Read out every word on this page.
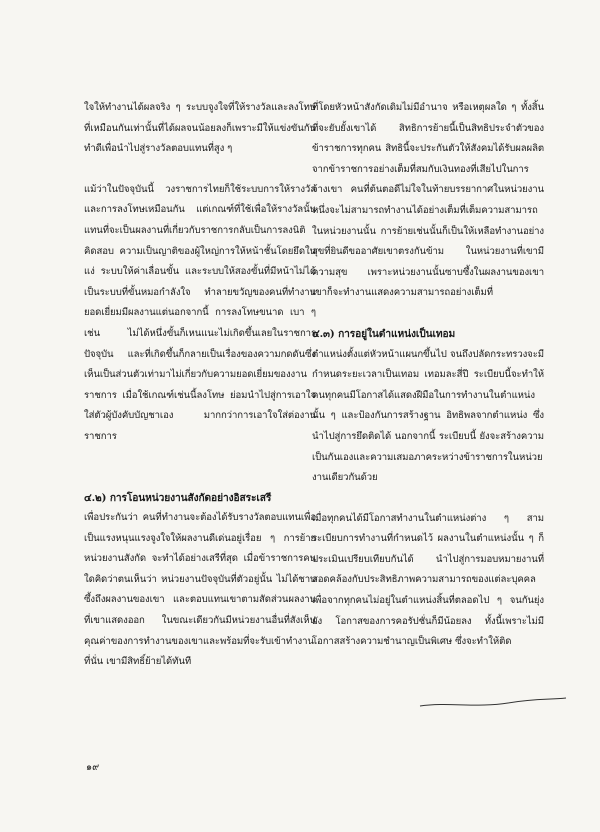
ใจให้ทำงานได้ผลจริง ๆ ระบบจูงใจที่ให้รางวัลและลงโทษที่เหมือนกันเท่านั้นที่ได้ผลจนน้อยลงก็เพราะมีให้แข่งขันกันทำดีเพื่อนำไปสู่รางวัลตอบแทนที่สูง ๆ

แม้ว่าในปัจจุบันนี้ วงราชการไทยก็ใช้ระบบการให้รางวัลและการลงโทษเหมือนกัน แต่เกณฑ์ที่ใช้เพื่อให้รางวัลนั้น แทนที่จะเป็นผลงานที่เกี่ยวกับราชการกลับเป็นการลงนิติคิดสอบ ความเป็นญาติของผู้ใหญ่การให้หน้าชั้นโดยยึดในแง่ ระบบให้ค่าเลื่อนขั้น และระบบให้สองขั้นที่มีหน้าไม่ได้ เป็นระบบที่ขั้นหมอกำลังใจ ทำลายขวัญของคนที่ทำงานยอดเยี่ยมมีผลงานแต่นอกจากนี้ การลงโทษขนาด เบา ๆ เช่น ไม่ได้หนึ่งขั้นก็เหนแนะไม่เกิดขึ้นเลยในราชการปัจจุบัน และที่เกิดขึ้นก็กลายเป็นเรื่องของความกดดันซึ่งเห็นเป็นส่วนตัวเท่ามาไม่เกี่ยวกับความยอดเยี่ยมของงานราชการ เมื่อใช้เกณฑ์เช่นนี้ลงโทษ ย่อมนำไปสู่การเอาใจใส่ตัวผู้บังคับบัญชาเอง มากกว่าการเอาใจใส่ต่องานราชการ

๔.๒) การโอนหน่วยงานสังกัดอย่างอิสระเสรี

เพื่อประกันว่า คนที่ทำงานจะต้องได้รับรางวัลตอบแทนเพื่อเป็นแรงหนุนแรงจูงใจให้ผลงานดีเด่นอยู่เรื่อย ๆ การย้ายหน่วยงานสังกัด จะทำได้อย่างเสรีที่สุด เมื่อข้าราชการคนใดคิดว่าตนเห็นว่า หน่วยงานปัจจุบันที่ตัวอยู่นั้น ไม่ได้ชาบซึ้งถึงผลงานของเขา และตอบแทนเขาตามสัดส่วนผลงานที่เขาแสดงออก ในขณะเดียวกันมีหน่วยงานอื่นที่สังเห็นคุณค่าของการทำงานของเขาและพร้อมที่จะรับเข้าทำงานที่นั่น เขามีสิทธิ์ย้ายได้ทันที

ที่โดยหัวหน้าสังกัดเดิมไม่มีอำนาจ หรือเหตุผลใด ๆ ทั้งสิ้นที่จะยับยั้งเขาได้ สิทธิการย้ายนี้เป็นสิทธิประจำตัวของข้าราชการทุกคน สิทธินี้จะประกันตัวให้สังคมได้รับผลผลิตจากข้าราชการอย่างเต็มที่สมกับเงินทองที่เสียไปในการจ้างเขา คนที่ต้นตอดีไม่ใจในท้ายบรรยากาศในหน่วยงานหนึ่งจะไม่สามารถทำงานได้อย่างเต็มที่เต็มความสามารถในหน่วยงานนั้น การย้ายเช่นนั้นก็เป็นให้เหลือทำงานอย่างสุขที่ยินดีขออาศัยเขาตรงกันข้าม ในหน่วยงานที่เขามีความสุข เพราะหน่วยงานนั้นซาบซึ้งในผลงานของเขา เขาก็จะทำงานแสดงความสามารถอย่างเต็มที่

๔.๓) การอยู่ในตำแหน่งเป็นเทอม

ตำแหน่งตั้งแต่หัวหน้าแผนกขึ้นไป จนถึงปลัดกระทรวงจะมีกำหนดระยะเวลาเป็นเทอม เทอมละสี่ปี ระเบียบนี้จะทำให้คนทุกคนมีโอกาสได้แสดงฝีมือในการทำงานในตำแหน่งนั้น ๆ และป้องกันการสร้างฐาน อิทธิพลจากตำแหน่ง ซึ่งนำไปสู่การยึดติดได้ นอกจากนี้ ระเบียบนี้ ยังจะสร้างความเป็นกันเองและความเสมอภาคระหว่างข้าราชการในหน่วยงานเดียวกันด้วย

เมื่อทุกคนได้มีโอกาสทำงานในตำแหน่งต่าง ๆ สามระเบียบการทำงานที่กำหนดไว้ ผลงานในตำแหน่งนั้น ๆ ก็ประเมินเปรียบเทียบกันได้ นำไปสู่การมอบหมายงานที่สอดคล้องกับประสิทธิภาพความสามารถของแต่ละบุคคลเพื่อจากทุกคนไม่อยู่ในตำแหน่งสิ้นที่ตลอดไป ๆ จนกันยุ่งยัง โอกาสของการคอรัปชั่นก็มีน้อยลง ทั้งนี้เพราะไม่มีโอกาสสร้างความชำนาญเป็นพิเศษ ซึ่งจะทำให้ติด

๑๙
